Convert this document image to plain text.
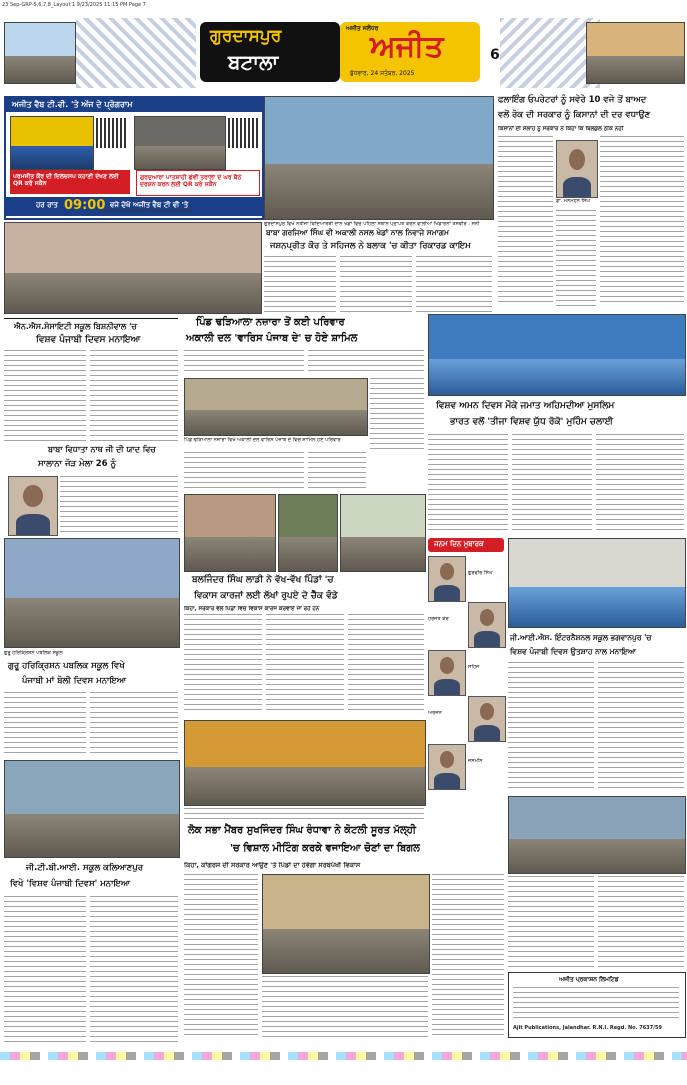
23 Sep-GRP-5,6,7,8_Layout 1 9/23/2025 11:15 PM Page 7
ਗੁਰਦਾਸਪੁਰ
ਬਟਾਲਾ
ਅਜੀਤ ਜਲੰਧਰ
ਅਜੀਤ
ਬੁੱਧਵਾਰ, 24 ਸਤੰਬਰ, 2025
6
ਅਜੀਤ ਵੈਬ ਟੀ.ਵੀ. 'ਤੇ ਅੱਜ ਦੇ ਪ੍ਰੋਗਰਾਮ
ਪਰਮਜੀਤ ਕੌਰ ਦੀ ਦਿਲਚਸਪ ਕਹਾਣੀ ਦੇਖਣ ਲਈ QR ਕਰੋ ਸਕੈਨ
ਗੁਰਦੁਆਰਾ ਪਾਤਸ਼ਾਹੀ ਛੇਵੀਂ ਤਰਾਲਾ ਦੇ ਘਰ ਬੈਠੇ ਦਰਸ਼ਨ ਕਰਨ ਲਈ QR ਕਰੋ ਸਕੈਨ
ਹਰ ਰਾਤ 09:00 ਵਜੇ ਦੇਖੋ ਅਜੀਤ ਵੈਬ ਟੀ ਵੀ 'ਤੇ
youtube.com/ajitwebtv facebook.com/ajitweb
ਗੁਰਦਾਸਪੁਰ ਵਿਖੇ ਨਤੀਜਾ ਵਿਦਿਆਰਥੀ ਦਾਨ ਖੇਡਾਂ ਵਿਚ ਪਹਿਲਾ ਸਥਾਨ ਪ੍ਰਾਪਤ ਕਰਨ ਵਾਲੀਆਂ ਖਿਡਾਰਨਾਂ ਤਸਵੀਰ : ਸੋਨੀ
ਬਾਬਾ ਗਰਜਿਆ ਸਿੰਘ ਵੀ ਅਕਾਲੀ ਨਸਲ ਖੇਡਾਂ ਨਾਲ ਨਿਵਾਜੇ ਸਮਾਗਮ
ਜਸ਼ਨਪ੍ਰੀਤ ਕੌਰ ਤੇ ਸਹਿਜਲ ਨੇ ਬਲਾਕ 'ਚ ਕੀਤਾ ਰਿਕਾਰਡ ਕਾਇਮ
ਫਲਾਇੰਗ ਓਪਰੇਟਰਾਂ ਨੂੰ ਸਵੇਰੇ 10 ਵਜੇ ਤੋਂ ਬਾਅਦ
ਵਲੋਂ ਰੋਕ ਦੀ ਸਰਕਾਰ ਨੂੰ ਕਿਸਾਨਾਂ ਦੀ ਦਰ ਵਧਾਉਣ
ਕਿਸਾਨਾਂ ਦੀ ਸਲਾਹ ਨੂੰ ਸਰਕਾਰ ਨੇ ਕਿਹਾ ਕਿ ਬਿਲਕੁਲ ਠੀਕ ਨਹੀਂ
ਡਾ. ਮਨਮੋਹਨ ਸਿੰਘ
ਐਨ.ਐਸ.ਸੋਸਾਇਟੀ ਸਕੂਲ ਬਿਸ਼ਨੀਵਾਲ 'ਚ
ਵਿਸ਼ਵ ਪੰਜਾਬੀ ਦਿਵਸ ਮਨਾਇਆ
ਪਿੰਡ ਢੜਿਆਲਾ ਨਜ਼ਾਰਾ ਤੋਂ ਕਈ ਪਰਿਵਾਰ
ਅਕਾਲੀ ਦਲ 'ਵਾਰਿਸ ਪੰਜਾਬ ਦੇ' ਚ ਹੋਏ ਸ਼ਾਮਿਲ
ਪਿੰਡ ਢੜਿਆਲਾ ਨਜ਼ਾਰਾ ਵਿਖੇ ਅਕਾਲੀ ਦਲ ਵਾਰਿਸ ਪੰਜਾਬ ਦੇ ਵਿਚ ਸ਼ਾਮਿਲ ਹੋਏ ਪਰਿਵਾਰ
ਵਿਸ਼ਵ ਅਮਨ ਦਿਵਸ ਮੌਕੇ ਜਮਾਤ ਅਹਿਮਦੀਆ ਮੁਸਲਿਮ
ਭਾਰਤ ਵਲੋਂ 'ਤੀਜਾ ਵਿਸ਼ਵ ਯੁੱਧ ਰੋਕੋ' ਮੁਹਿੰਮ ਚਲਾਈ
ਬਾਬਾ ਵਿਧਾਤਾ ਨਾਥ ਜੀ ਦੀ ਯਾਦ ਵਿਚ
ਸਾਲਾਨਾ ਜੋੜ ਮੇਲਾ 26 ਨੂੰ
ਬਲਜਿੰਦਰ ਸਿੰਘ ਲਾਡੀ ਨੇ ਵੱਖ-ਵੱਖ ਪਿੰਡਾਂ 'ਚ
ਵਿਕਾਸ ਕਾਰਜਾਂ ਲਈ ਲੱਖਾਂ ਰੁਪਏ ਦੇ ਚੈੱਕ ਵੰਡੇ
ਕਿਹਾ, ਸਰਕਾਰ ਵਲੋਂ ਪਿੰਡਾਂ ਵਿਚ ਵਿਕਾਸ ਕਾਰਜ ਕਰਵਾਏ ਜਾ ਰਹੇ ਹਨ
ਜਨਮ ਦਿਨ ਮੁਬਾਰਕ
ਗੁਰਵੀਰ ਸਿੰਘ
ਹਰਜੋਤ ਕੌਰ
ਸਹਿਜ
ਅਰਜਨ
ਜਸਮੀਨ
ਜੀ.ਆਈ.ਐਸ. ਇੰਟਰਨੈਸ਼ਨਲ ਸਕੂਲ ਭਗਵਾਨਪੁਰ 'ਚ
ਵਿਸ਼ਵ ਪੰਜਾਬੀ ਦਿਵਸ ਉਤਸ਼ਾਹ ਨਾਲ ਮਨਾਇਆ
ਗੁਰੂ ਹਰਿਕ੍ਰਿਸ਼ਨ ਪਬਲਿਕ ਸਕੂਲ
ਗੁਰੂ ਹਰਿਕ੍ਰਿਸ਼ਨ ਪਬਲਿਕ ਸਕੂਲ ਵਿਖੇ
ਪੰਜਾਬੀ ਮਾਂ ਬੋਲੀ ਦਿਵਸ ਮਨਾਇਆ
ਲੋਕ ਸਭਾ ਮੈਂਬਰ ਸੁਖਜਿੰਦਰ ਸਿੰਘ ਰੰਧਾਵਾ ਨੇ ਕੋਟਲੀ ਸੂਰਤ ਮੱਲ੍ਹੀ
'ਚ ਵਿਸ਼ਾਲ ਮੀਟਿੰਗ ਕਰਕੇ ਵਜਾਇਆ ਚੋਣਾਂ ਦਾ ਬਿਗਲ
ਕਿਹਾ, ਕਾਂਗਰਸ ਦੀ ਸਰਕਾਰ ਆਉਣ 'ਤੇ ਪਿੰਡਾਂ ਦਾ ਹੋਵੇਗਾ ਸਰਬਪੱਖੀ ਵਿਕਾਸ
ਜੀ.ਟੀ.ਬੀ.ਆਈ. ਸਕੂਲ ਕਲਿਆਣਪੁਰ
ਵਿਖੇ 'ਵਿਸ਼ਵ ਪੰਜਾਬੀ ਦਿਵਸ' ਮਨਾਇਆ
ਅਜੀਤ ਪ੍ਰਕਾਸ਼ਨ ਲਿਮਟਿਡ
Ajit Publications, Jalandhar. R.N.I. Regd. No. 7637/59
